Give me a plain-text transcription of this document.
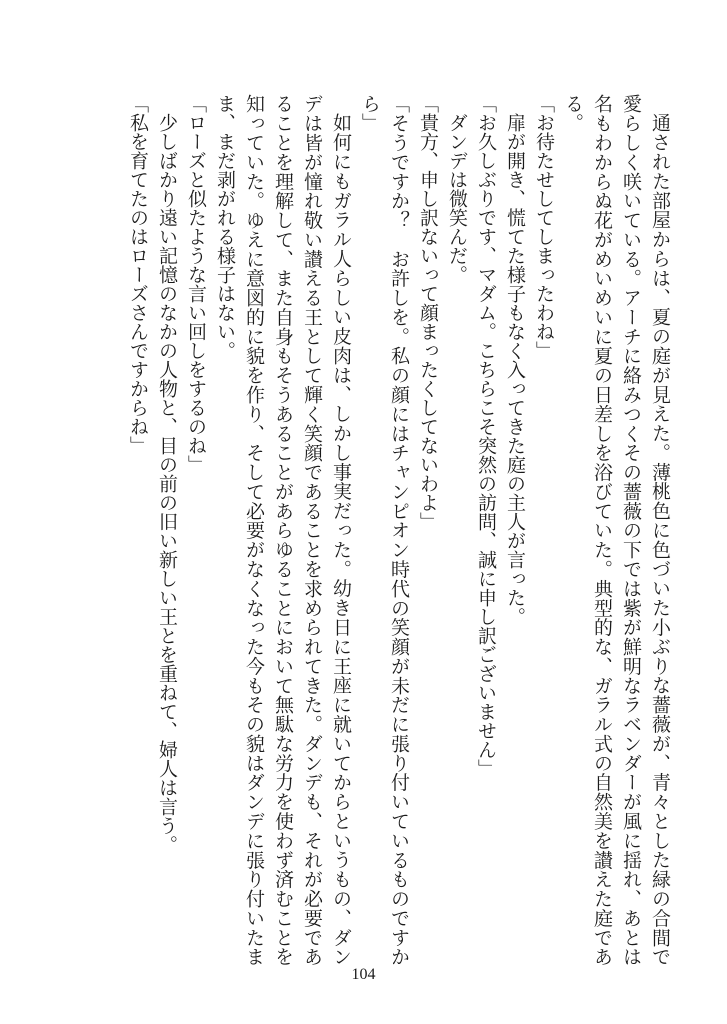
通された部屋からは、夏の庭が見えた。薄桃色に色づいた小ぶりな薔薇が、青々とした緑の合間で愛らしく咲いている。アーチに絡みつくその薔薇の下では紫が鮮明なラベンダーが風に揺れ、あとは名もわからぬ花がめいめいに夏の日差しを浴びていた。典型的な、ガラル式の自然美を讃えた庭である。

「お待たせしてしまったわね」

扉が開き、慌てた様子もなく入ってきた庭の主人が言った。

「お久しぶりです、マダム。こちらこそ突然の訪問、誠に申し訳ございません」

ダンデは微笑んだ。

「貴方、申し訳ないって顔まったくしてないわよ」

「そうですか？　お許しを。私の顔にはチャンピオン時代の笑顔が未だに張り付いているものですから」

如何にもガラル人らしい皮肉は、しかし事実だった。幼き日に王座に就いてからというもの、ダンデは皆が憧れ敬い讃える王として輝く笑顔であることを求められてきた。ダンデも、それが必要であることを理解して、また自身もそうあることがあらゆることにおいて無駄な労力を使わず済むことを知っていた。ゆえに意図的に貌を作り、そして必要がなくなった今もその貌はダンデに張り付いたまま、まだ剥がれる様子はない。

「ローズと似たような言い回しをするのね」

少しばかり遠い記憶のなかの人物と、目の前の旧い新しい王とを重ねて、婦人は言う。

「私を育てたのはローズさんですからね」

104
